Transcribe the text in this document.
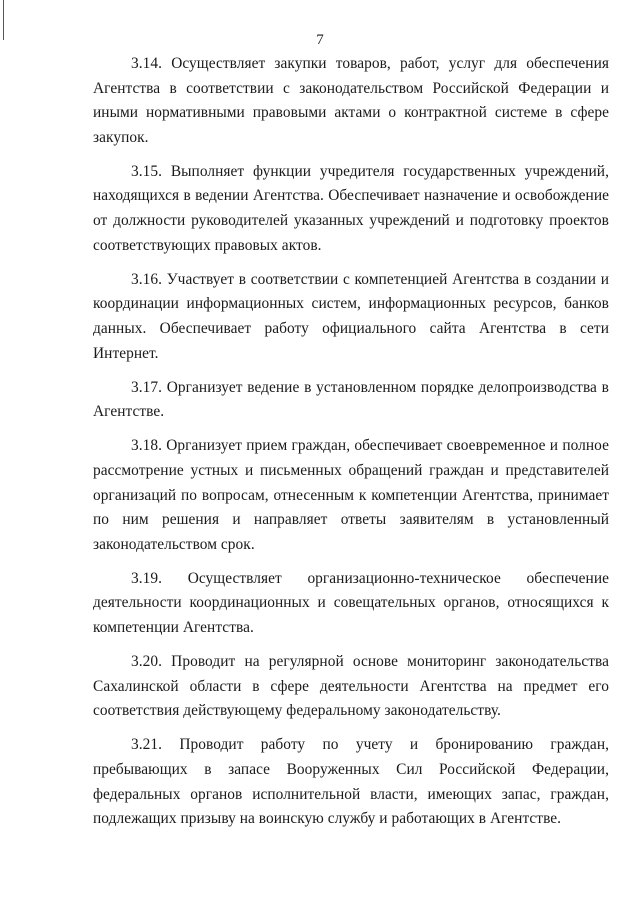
7

3.14. Осуществляет закупки товаров, работ, услуг для обеспечения Агентства в соответствии с законодательством Российской Федерации и иными нормативными правовыми актами о контрактной системе в сфере закупок.

3.15. Выполняет функции учредителя государственных учреждений, находящихся в ведении Агентства. Обеспечивает назначение и освобождение от должности руководителей указанных учреждений и подготовку проектов соответствующих правовых актов.

3.16. Участвует в соответствии с компетенцией Агентства в создании и координации информационных систем, информационных ресурсов, банков данных. Обеспечивает работу официального сайта Агентства в сети Интернет.

3.17. Организует ведение в установленном порядке делопроизводства в Агентстве.

3.18. Организует прием граждан, обеспечивает своевременное и полное рассмотрение устных и письменных обращений граждан и представителей организаций по вопросам, отнесенным к компетенции Агентства, принимает по ним решения и направляет ответы заявителям в установленный законодательством срок.

3.19. Осуществляет организационно-техническое обеспечение деятельности координационных и совещательных органов, относящихся к компетенции Агентства.

3.20. Проводит на регулярной основе мониторинг законодательства Сахалинской области в сфере деятельности Агентства на предмет его соответствия действующему федеральному законодательству.

3.21. Проводит работу по учету и бронированию граждан, пребывающих в запасе Вооруженных Сил Российской Федерации, федеральных органов исполнительной власти, имеющих запас, граждан, подлежащих призыву на воинскую службу и работающих в Агентстве.
